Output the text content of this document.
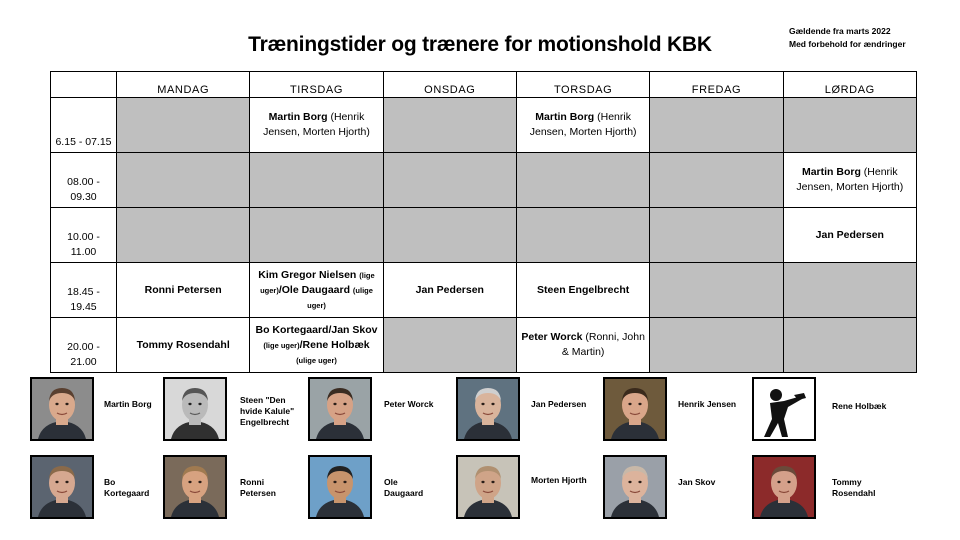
Gældende fra marts 2022
Med forbehold for ændringer
Træningstider og trænere for motionshold KBK
	MANDAG	TIRSDAG	ONSDAG	TORSDAG	FREDAG	LØRDAG
6.15 - 07.15		Martin Borg (Henrik Jensen, Morten Hjorth)		Martin Borg (Henrik Jensen, Morten Hjorth)		
08.00 - 09.30						Martin Borg (Henrik Jensen, Morten Hjorth)
10.00 - 11.00						Jan Pedersen
18.45 - 19.45	Ronni Petersen	Kim Gregor Nielsen (lige uger)/Ole Daugaard (ulige uger)	Jan Pedersen	Steen Engelbrecht		
20.00 - 21.00	Tommy Rosendahl	Bo Kortegaard/Jan Skov (lige uger)/Rene Holbæk (ulige uger)		Peter Worck (Ronni, John & Martin)		
Martin Borg	Steen "Den
hvide Kalule"
Engelbrecht
Peter Worck	Jan Pedersen	Henrik Jensen	Rene Holbæk
Bo
Kortegaard
Ronni
Petersen
Ole
Daugaard
Morten Hjorth	Jan Skov	Tommy
Rosendahl
